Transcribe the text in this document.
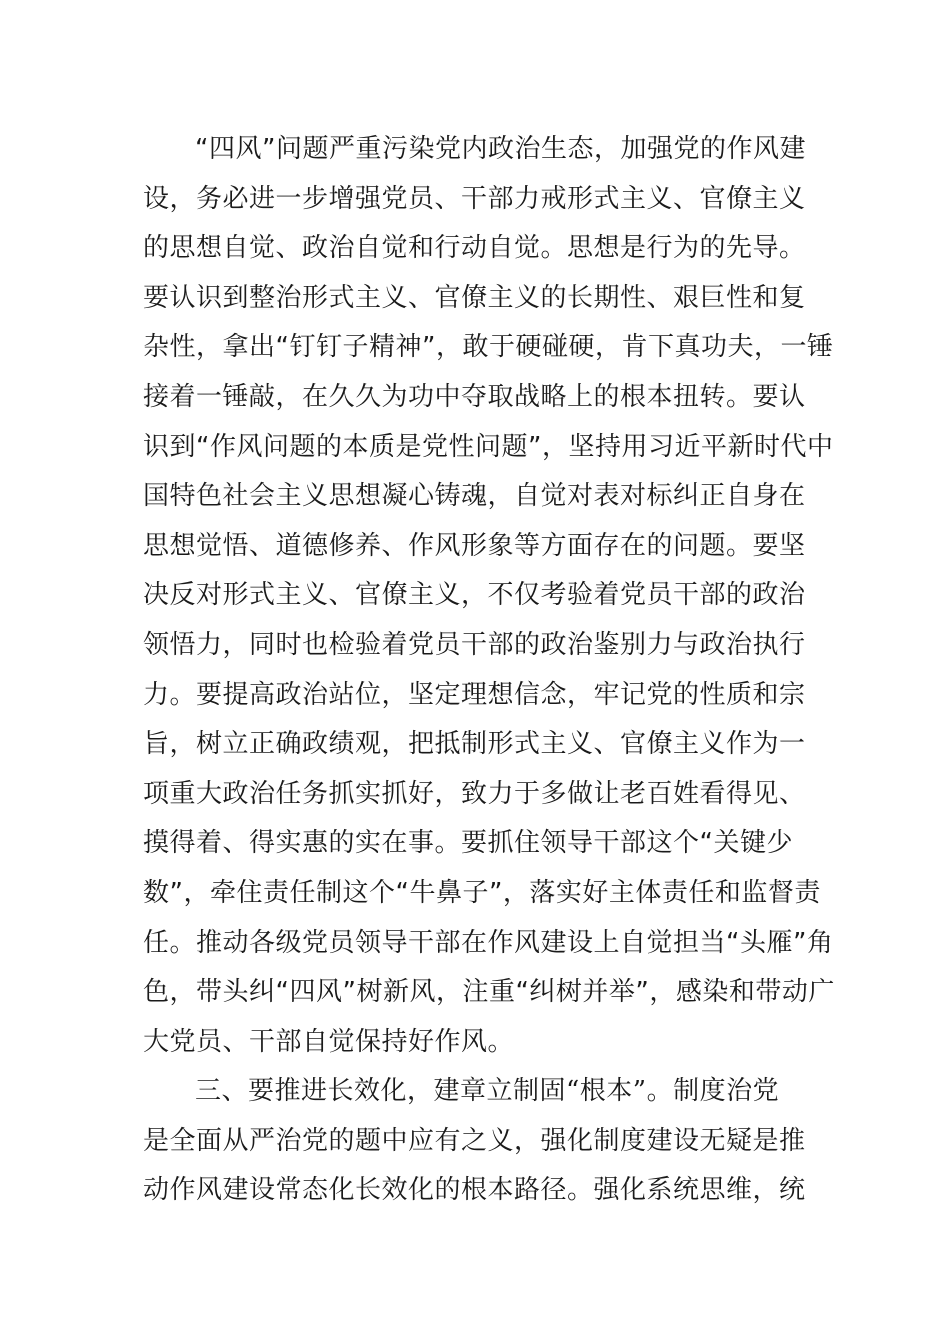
“四风”问题严重污染党内政治生态，加强党的作风建
设，务必进一步增强党员、干部力戒形式主义、官僚主义
的思想自觉、政治自觉和行动自觉。思想是行为的先导。
要认识到整治形式主义、官僚主义的长期性、艰巨性和复
杂性，拿出“钉钉子精神”，敢于硬碰硬，肯下真功夫，一锤
接着一锤敲，在久久为功中夺取战略上的根本扭转。要认
识到“作风问题的本质是党性问题”，坚持用习近平新时代中
国特色社会主义思想凝心铸魂，自觉对表对标纠正自身在
思想觉悟、道德修养、作风形象等方面存在的问题。要坚
决反对形式主义、官僚主义，不仅考验着党员干部的政治
领悟力，同时也检验着党员干部的政治鉴别力与政治执行
力。要提高政治站位，坚定理想信念，牢记党的性质和宗
旨，树立正确政绩观，把抵制形式主义、官僚主义作为一
项重大政治任务抓实抓好，致力于多做让老百姓看得见、
摸得着、得实惠的实在事。要抓住领导干部这个“关键少
数”，牵住责任制这个“牛鼻子”，落实好主体责任和监督责
任。推动各级党员领导干部在作风建设上自觉担当“头雁”角
色，带头纠“四风”树新风，注重“纠树并举”，感染和带动广
大党员、干部自觉保持好作风。
三、要推进长效化，建章立制固“根本”。制度治党
是全面从严治党的题中应有之义，强化制度建设无疑是推
动作风建设常态化长效化的根本路径。强化系统思维，统
